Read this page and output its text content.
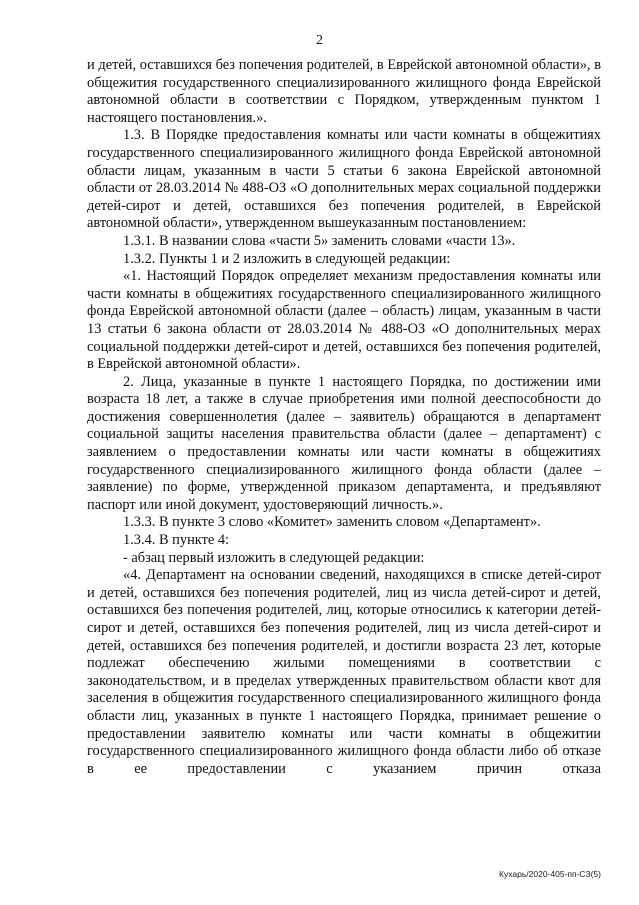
2

и детей, оставшихся без попечения родителей, в Еврейской автономной области», в общежития государственного специализированного жилищного фонда Еврейской автономной области в соответствии с Порядком, утвержденным пунктом 1 настоящего постановления.».

1.3. В Порядке предоставления комнаты или части комнаты в общежитиях государственного специализированного жилищного фонда Еврейской автономной области лицам, указанным в части 5 статьи 6 закона Еврейской автономной области от 28.03.2014 № 488-ОЗ «О дополнительных мерах социальной поддержки детей-сирот и детей, оставшихся без попечения родителей, в Еврейской автономной области», утвержденном вышеуказанным постановлением:

1.3.1. В названии слова «части 5» заменить словами «части 13».

1.3.2. Пункты 1 и 2 изложить в следующей редакции:

«1. Настоящий Порядок определяет механизм предоставления комнаты или части комнаты в общежитиях государственного специализированного жилищного фонда Еврейской автономной области (далее – область) лицам, указанным в части 13 статьи 6 закона области от 28.03.2014 № 488-ОЗ «О дополнительных мерах социальной поддержки детей-сирот и детей, оставшихся без попечения родителей, в Еврейской автономной области».

2. Лица, указанные в пункте 1 настоящего Порядка, по достижении ими возраста 18 лет, а также в случае приобретения ими полной дееспособности до достижения совершеннолетия (далее – заявитель) обращаются в департамент социальной защиты населения правительства области (далее – департамент) с заявлением о предоставлении комнаты или части комнаты в общежитиях государственного специализированного жилищного фонда области (далее – заявление) по форме, утвержденной приказом департамента, и предъявляют паспорт или иной документ, удостоверяющий личность.».

1.3.3. В пункте 3 слово «Комитет» заменить словом «Департамент».

1.3.4. В пункте 4:

- абзац первый изложить в следующей редакции:

«4. Департамент на основании сведений, находящихся в списке детей-сирот и детей, оставшихся без попечения родителей, лиц из числа детей-сирот и детей, оставшихся без попечения родителей, лиц, которые относились к категории детей-сирот и детей, оставшихся без попечения родителей, лиц из числа детей-сирот и детей, оставшихся без попечения родителей, и достигли возраста 23 лет, которые подлежат обеспечению жилыми помещениями в соответствии с законодательством, и в пределах утвержденных правительством области квот для заселения в общежития государственного специализированного жилищного фонда области лиц, указанных в пункте 1 настоящего Порядка, принимает решение о предоставлении заявителю комнаты или части комнаты в общежитии государственного специализированного жилищного фонда области либо об отказе в ее предоставлении с указанием причин отказа

Кухарь/2020-405-пп-СЗ(5)
